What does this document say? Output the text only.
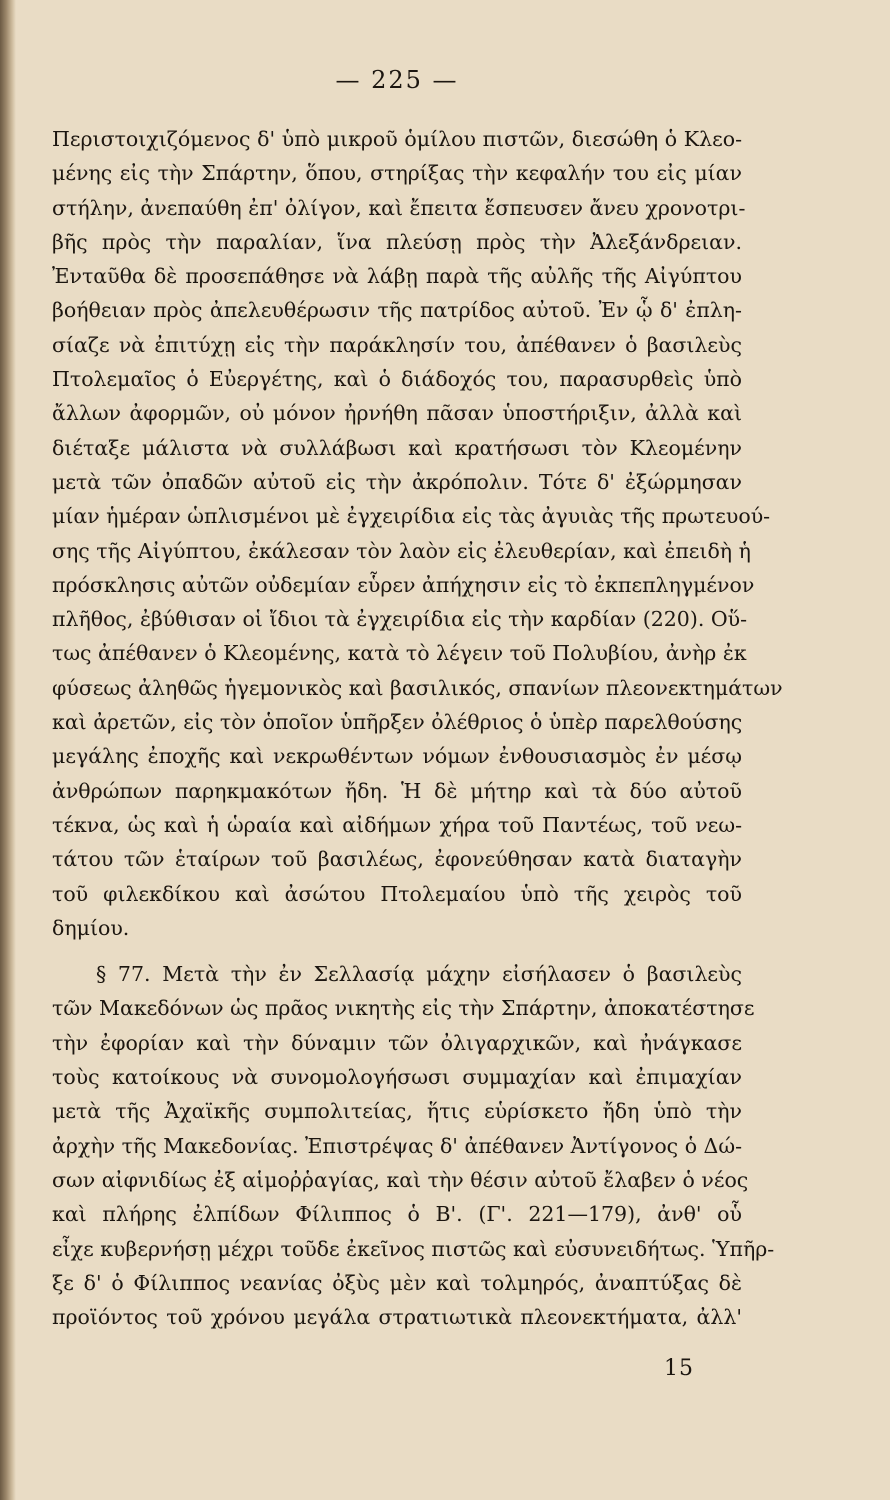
— 225 —
Περιστοιχιζόμενος δ' ὑπὸ μικροῦ ὁμίλου πιστῶν, διεσώθη ὁ Κλεο-
μένης εἰς τὴν Σπάρτην, ὅπου, στηρίξας τὴν κεφαλήν του εἰς μίαν
στήλην, ἀνεπαύθη ἐπ' ὀλίγον, καὶ ἔπειτα ἔσπευσεν ἄνευ χρονοτρι-
βῆς πρὸς τὴν παραλίαν, ἵνα πλεύσῃ πρὸς τὴν Ἀλεξάνδρειαν.
Ἐνταῦθα δὲ προσεπάθησε νὰ λάβῃ παρὰ τῆς αὐλῆς τῆς Αἰγύπτου
βοήθειαν πρὸς ἀπελευθέρωσιν τῆς πατρίδος αὐτοῦ. Ἐν ᾧ δ' ἐπλη-
σίαζε νὰ ἐπιτύχῃ εἰς τὴν παράκλησίν του, ἀπέθανεν ὁ βασιλεὺς
Πτολεμαῖος ὁ Εὐεργέτης, καὶ ὁ διάδοχός του, παρασυρθεὶς ὑπὸ
ἄλλων ἀφορμῶν, οὐ μόνον ἠρνήθη πᾶσαν ὑποστήριξιν, ἀλλὰ καὶ
διέταξε μάλιστα νὰ συλλάβωσι καὶ κρατήσωσι τὸν Κλεομένην
μετὰ τῶν ὀπαδῶν αὐτοῦ εἰς τὴν ἀκρόπολιν. Τότε δ' ἐξώρμησαν
μίαν ἡμέραν ὡπλισμένοι μὲ ἐγχειρίδια εἰς τὰς ἀγυιὰς τῆς πρωτευού-
σης τῆς Αἰγύπτου, ἐκάλεσαν τὸν λαὸν εἰς ἐλευθερίαν, καὶ ἐπειδὴ ἡ
πρόσκλησις αὐτῶν οὐδεμίαν εὗρεν ἀπήχησιν εἰς τὸ ἐκπεπληγμένον
πλῆθος, ἐβύθισαν οἱ ἴδιοι τὰ ἐγχειρίδια εἰς τὴν καρδίαν (220). Οὕ-
τως ἀπέθανεν ὁ Κλεομένης, κατὰ τὸ λέγειν τοῦ Πολυβίου, ἀνὴρ ἐκ
φύσεως ἀληθῶς ἡγεμονικὸς καὶ βασιλικός, σπανίων πλεονεκτημάτων
καὶ ἀρετῶν, εἰς τὸν ὁποῖον ὑπῆρξεν ὀλέθριος ὁ ὑπὲρ παρελθούσης
μεγάλης ἐποχῆς καὶ νεκρωθέντων νόμων ἐνθουσιασμὸς ἐν μέσῳ
ἀνθρώπων παρηκμακότων ἤδη. Ἡ δὲ μήτηρ καὶ τὰ δύο αὐτοῦ
τέκνα, ὡς καὶ ἡ ὡραία καὶ αἰδήμων χήρα τοῦ Παντέως, τοῦ νεω-
τάτου τῶν ἑταίρων τοῦ βασιλέως, ἐφονεύθησαν κατὰ διαταγὴν
τοῦ φιλεκδίκου καὶ ἀσώτου Πτολεμαίου ὑπὸ τῆς χειρὸς τοῦ
δημίου.
§ 77. Μετὰ τὴν ἐν Σελλασίᾳ μάχην εἰσήλασεν ὁ βασιλεὺς
τῶν Μακεδόνων ὡς πρᾶος νικητὴς εἰς τὴν Σπάρτην, ἀποκατέστησε
τὴν ἐφορίαν καὶ τὴν δύναμιν τῶν ὀλιγαρχικῶν, καὶ ἠνάγκασε
τοὺς κατοίκους νὰ συνομολογήσωσι συμμαχίαν καὶ ἐπιμαχίαν
μετὰ τῆς Ἀχαϊκῆς συμπολιτείας, ἥτις εὑρίσκετο ἤδη ὑπὸ τὴν
ἀρχὴν τῆς Μακεδονίας. Ἐπιστρέψας δ' ἀπέθανεν Ἀντίγονος ὁ Δώ-
σων αἰφνιδίως ἐξ αἱμοῤῥαγίας, καὶ τὴν θέσιν αὐτοῦ ἔλαβεν ὁ νέος
καὶ πλήρης ἐλπίδων Φίλιππος ὁ Β'. (Γ'. 221—179), ἀνθ' οὗ
εἶχε κυβερνήσῃ μέχρι τοῦδε ἐκεῖνος πιστῶς καὶ εὐσυνειδήτως. Ὑπῆρ-
ξε δ' ὁ Φίλιππος νεανίας ὀξὺς μὲν καὶ τολμηρός, ἀναπτύξας δὲ
προϊόντος τοῦ χρόνου μεγάλα στρατιωτικὰ πλεονεκτήματα, ἀλλ'
15
